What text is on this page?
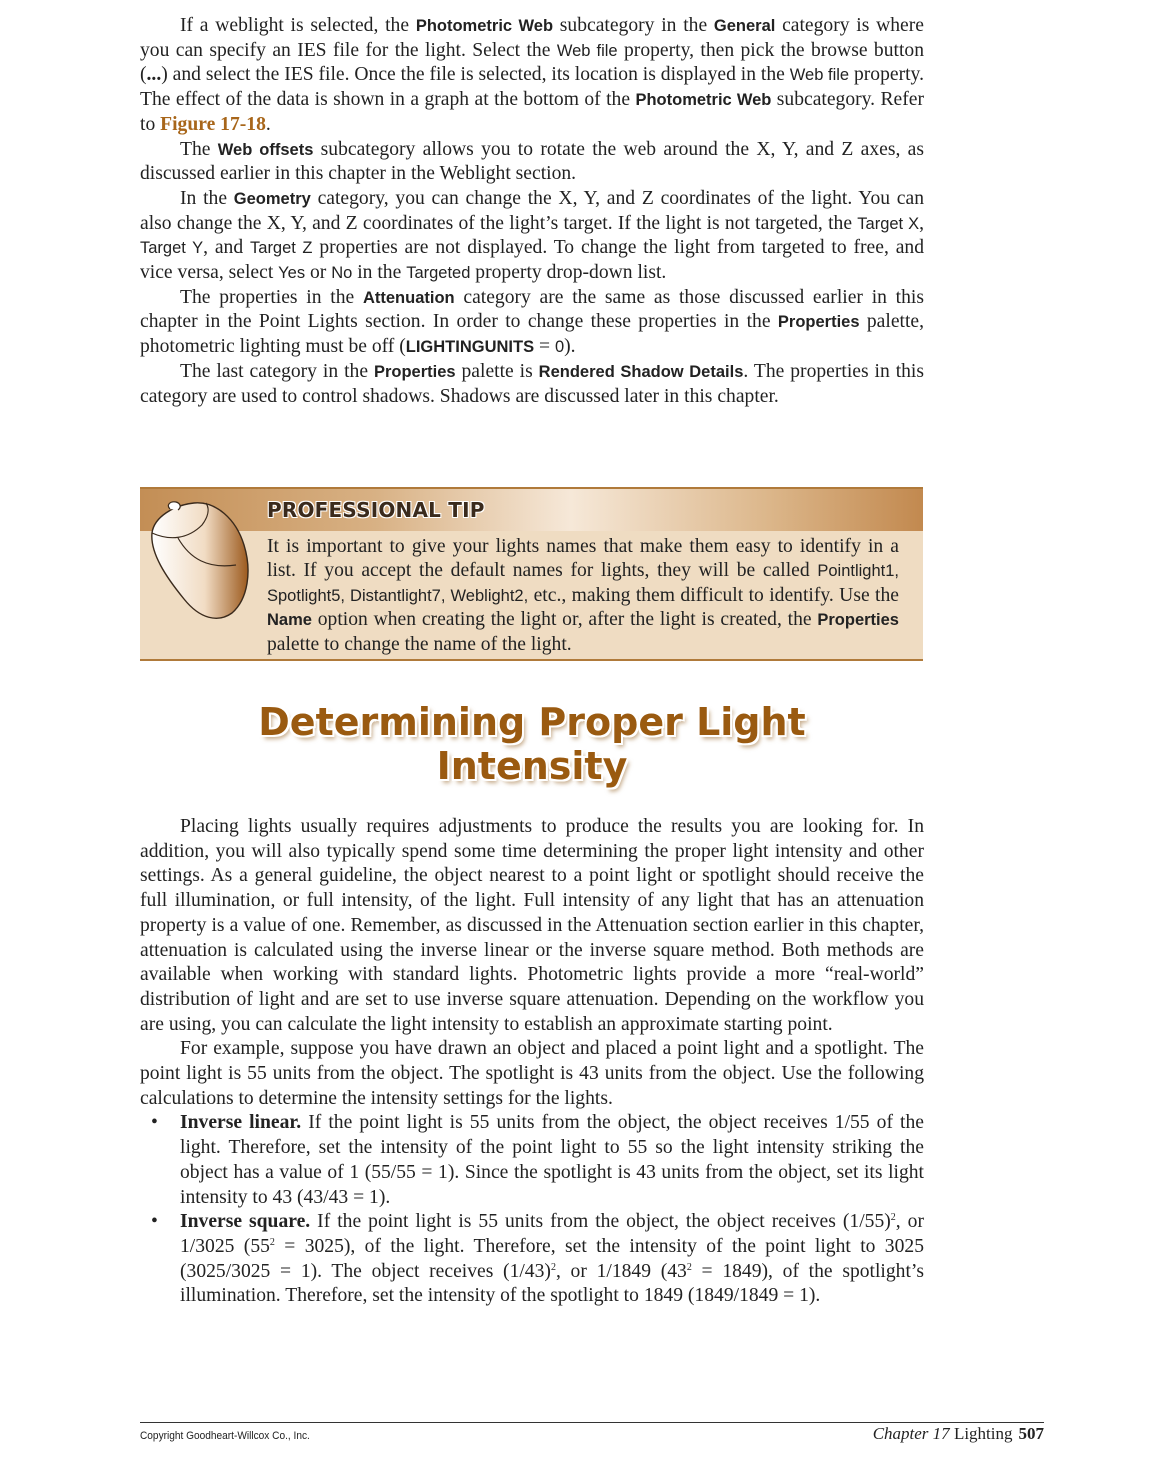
If a weblight is selected, the Photometric Web subcategory in the General category is where you can specify an IES file for the light. Select the Web file property, then pick the browse button (...) and select the IES file. Once the file is selected, its location is displayed in the Web file property. The effect of the data is shown in a graph at the bottom of the Photometric Web subcategory. Refer to Figure 17-18.

The Web offsets subcategory allows you to rotate the web around the X, Y, and Z axes, as discussed earlier in this chapter in the Weblight section.

In the Geometry category, you can change the X, Y, and Z coordinates of the light. You can also change the X, Y, and Z coordinates of the light’s target. If the light is not targeted, the Target X, Target Y, and Target Z properties are not displayed. To change the light from targeted to free, and vice versa, select Yes or No in the Targeted property drop-down list.

The properties in the Attenuation category are the same as those discussed earlier in this chapter in the Point Lights section. In order to change these properties in the Properties palette, photometric lighting must be off (LIGHTINGUNITS = 0).

The last category in the Properties palette is Rendered Shadow Details. The properties in this category are used to control shadows. Shadows are discussed later in this chapter.

PROFESSIONAL TIP

It is important to give your lights names that make them easy to identify in a list. If you accept the default names for lights, they will be called Pointlight1, Spotlight5, Distantlight7, Weblight2, etc., making them difficult to identify. Use the Name option when creating the light or, after the light is created, the Properties palette to change the name of the light.

Determining Proper Light
Intensity

Placing lights usually requires adjustments to produce the results you are looking for. In addition, you will also typically spend some time determining the proper light intensity and other settings. As a general guideline, the object nearest to a point light or spotlight should receive the full illumination, or full intensity, of the light. Full intensity of any light that has an attenuation property is a value of one. Remember, as discussed in the Attenuation section earlier in this chapter, attenuation is calculated using the inverse linear or the inverse square method. Both methods are available when working with standard lights. Photometric lights provide a more “real-world” distribution of light and are set to use inverse square attenuation. Depending on the workflow you are using, you can calculate the light intensity to establish an approximate starting point.

For example, suppose you have drawn an object and placed a point light and a spotlight. The point light is 55 units from the object. The spotlight is 43 units from the object. Use the following calculations to determine the intensity settings for the lights.

• Inverse linear. If the point light is 55 units from the object, the object receives 1/55 of the light. Therefore, set the intensity of the point light to 55 so the light intensity striking the object has a value of 1 (55/55 = 1). Since the spotlight is 43 units from the object, set its light intensity to 43 (43/43 = 1).
• Inverse square. If the point light is 55 units from the object, the object receives $(1/55)^2$, or 1/3025 $(55^2 = 3025)$, of the light. Therefore, set the intensity of the point light to 3025 (3025/3025 = 1). The object receives $(1/43)^2$, or 1/1849 $(43^2 = 1849)$, of the spotlight’s illumination. Therefore, set the intensity of the spotlight to 1849 (1849/1849 = 1).
Copyright Goodheart-Willcox Co., Inc.	Chapter 17 Lighting 507
